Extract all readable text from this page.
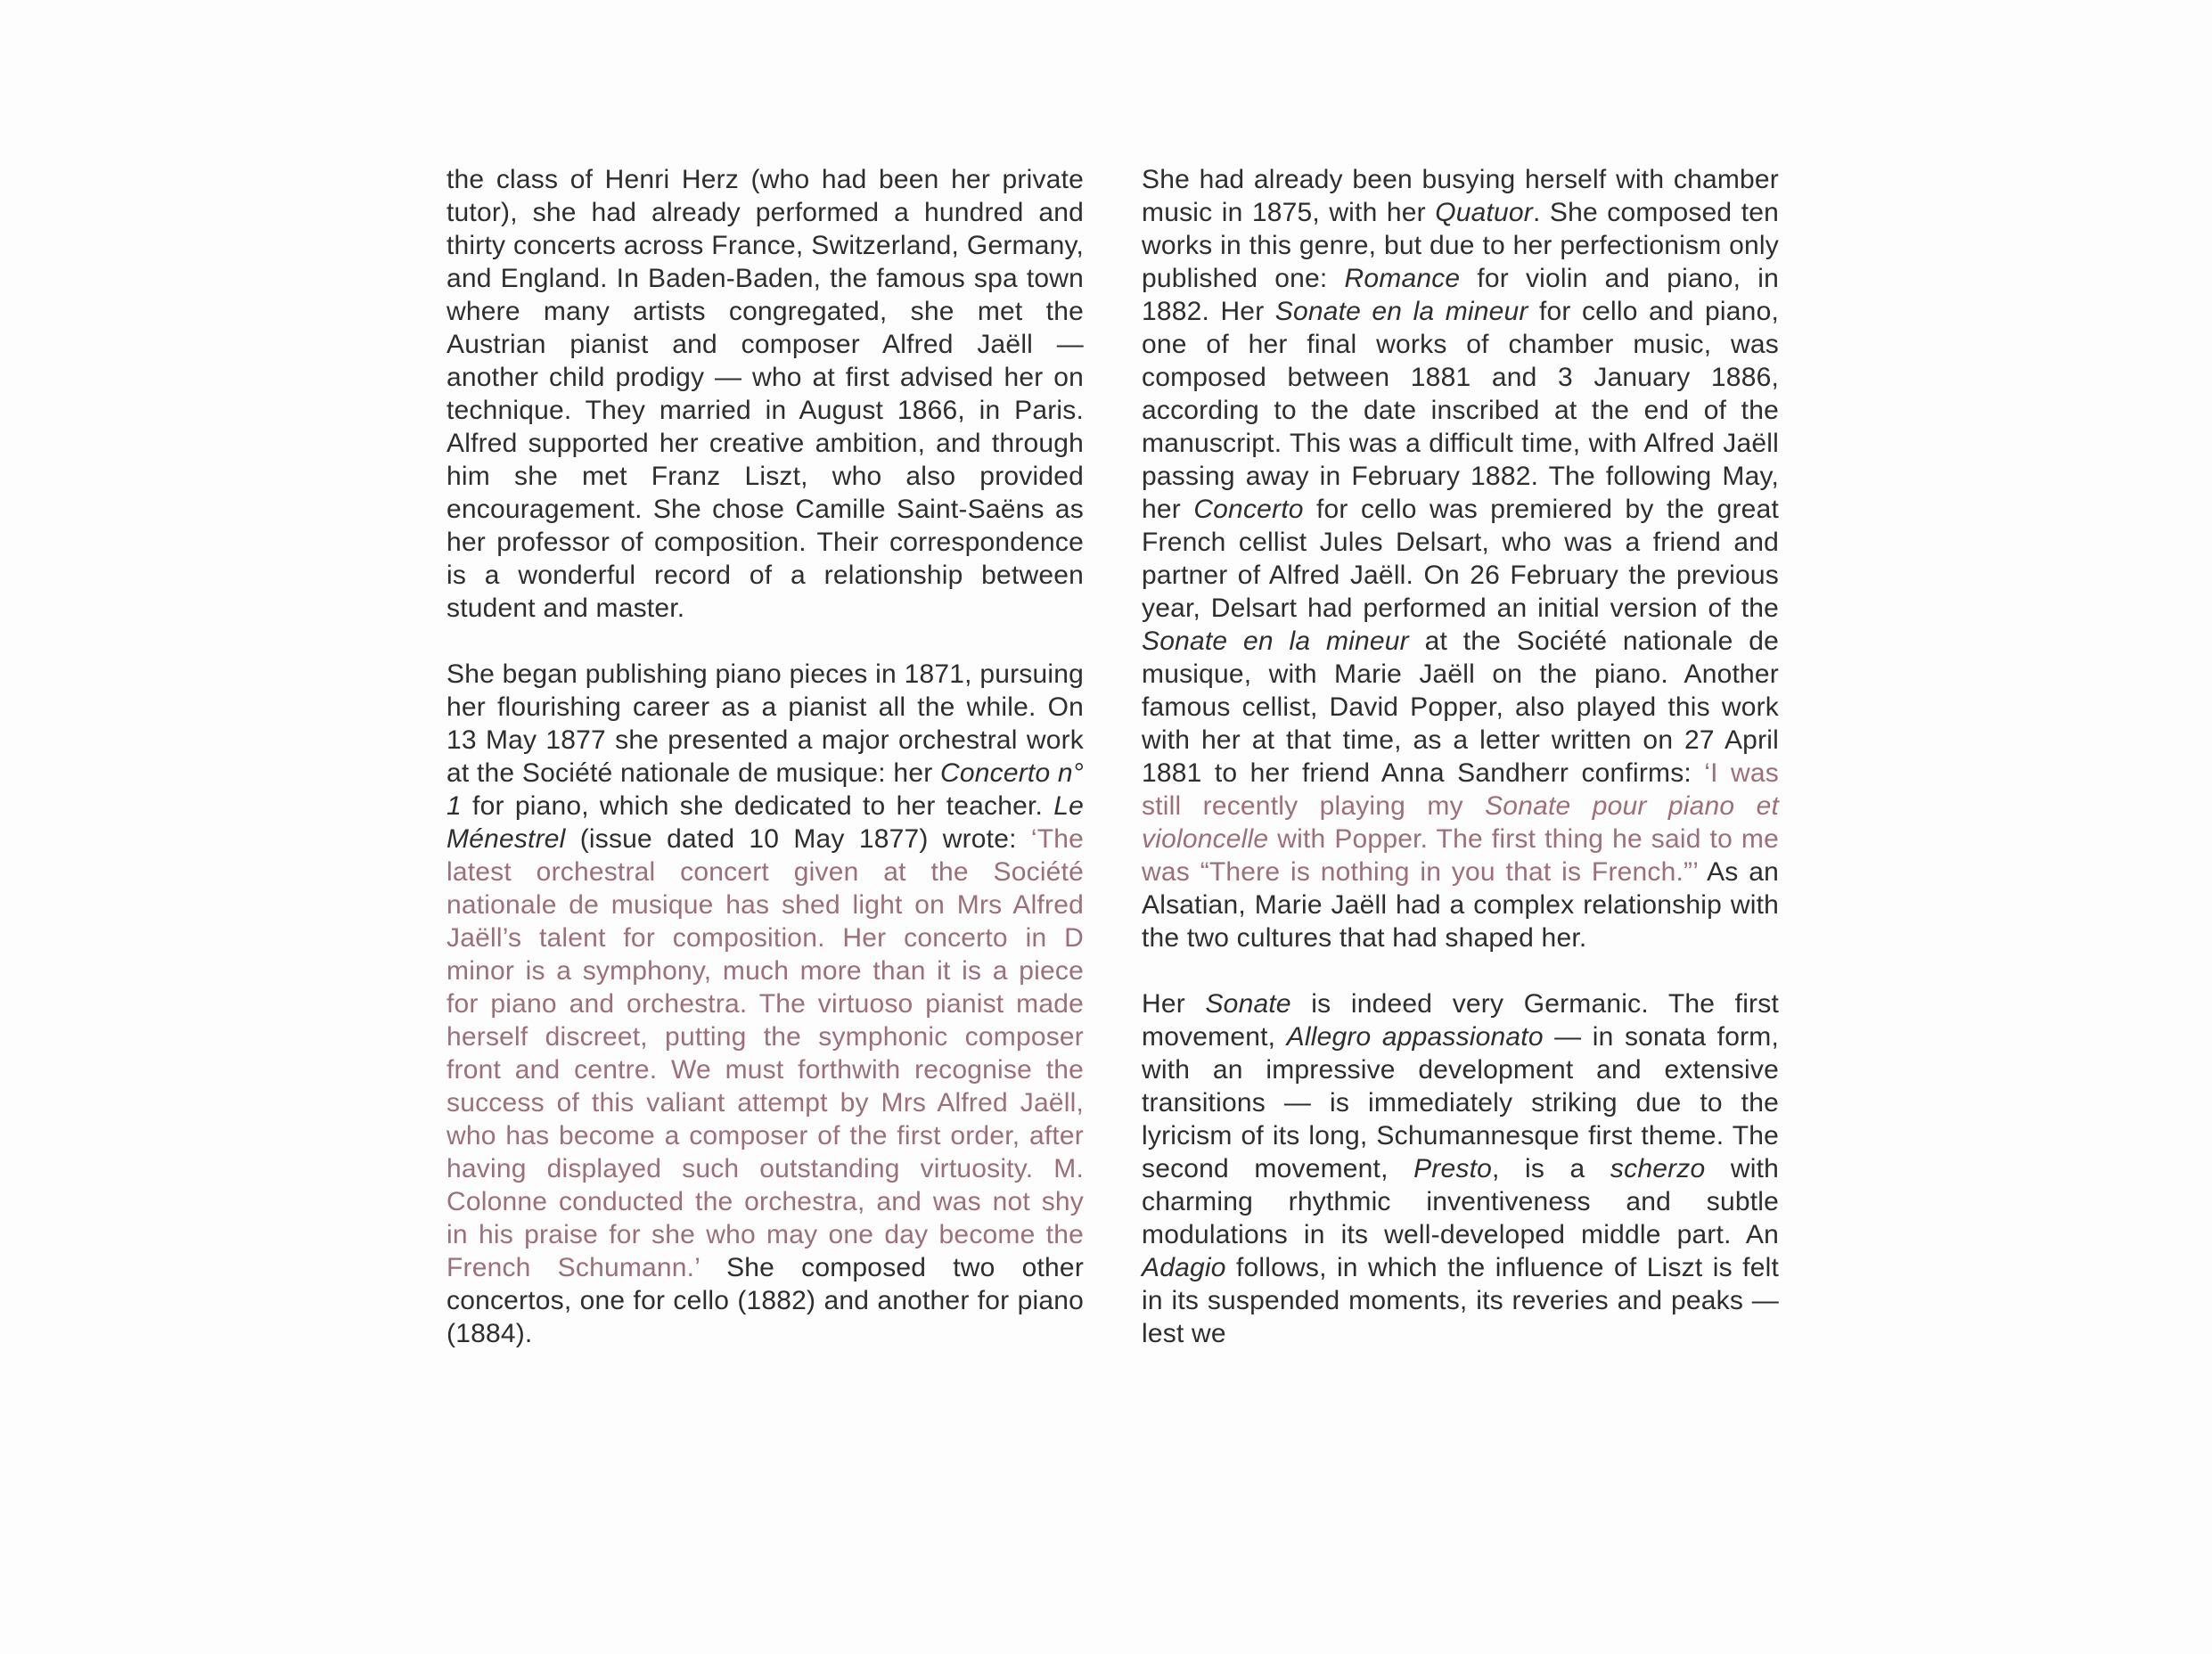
the class of Henri Herz (who had been her private tutor), she had already performed a hundred and thirty concerts across France, Switzerland, Germany, and England. In Baden-Baden, the famous spa town where many artists congregated, she met the Austrian pianist and composer Alfred Jaëll — another child prodigy — who at first advised her on technique. They married in August 1866, in Paris. Alfred supported her creative ambition, and through him she met Franz Liszt, who also provided encouragement. She chose Camille Saint-Saëns as her professor of composition. Their correspondence is a wonderful record of a relationship between student and master.

She began publishing piano pieces in 1871, pursuing her flourishing career as a pianist all the while. On 13 May 1877 she presented a major orchestral work at the Société nationale de musique: her Concerto n° 1 for piano, which she dedicated to her teacher. Le Ménestrel (issue dated 10 May 1877) wrote: ‘The latest orchestral concert given at the Société nationale de musique has shed light on Mrs Alfred Jaëll’s talent for composition. Her concerto in D minor is a symphony, much more than it is a piece for piano and orchestra. The virtuoso pianist made herself discreet, putting the symphonic composer front and centre. We must forthwith recognise the success of this valiant attempt by Mrs Alfred Jaëll, who has become a composer of the first order, after having displayed such outstanding virtuosity. M. Colonne conducted the orchestra, and was not shy in his praise for she who may one day become the French Schumann.’ She composed two other concertos, one for cello (1882) and another for piano (1884).

She had already been busying herself with chamber music in 1875, with her Quatuor. She composed ten works in this genre, but due to her perfectionism only published one: Romance for violin and piano, in 1882. Her Sonate en la mineur for cello and piano, one of her final works of chamber music, was composed between 1881 and 3 January 1886, according to the date inscribed at the end of the manuscript. This was a difficult time, with Alfred Jaëll passing away in February 1882. The following May, her Concerto for cello was premiered by the great French cellist Jules Delsart, who was a friend and partner of Alfred Jaëll. On 26 February the previous year, Delsart had performed an initial version of the Sonate en la mineur at the Société nationale de musique, with Marie Jaëll on the piano. Another famous cellist, David Popper, also played this work with her at that time, as a letter written on 27 April 1881 to her friend Anna Sandherr confirms: ‘I was still recently playing my Sonate pour piano et violoncelle with Popper. The first thing he said to me was “There is nothing in you that is French.”’ As an Alsatian, Marie Jaëll had a complex relationship with the two cultures that had shaped her.

Her Sonate is indeed very Germanic. The first movement, Allegro appassionato — in sonata form, with an impressive development and extensive transitions — is immediately striking due to the lyricism of its long, Schumannesque first theme. The second movement, Presto, is a scherzo with charming rhythmic inventiveness and subtle modulations in its well-developed middle part. An Adagio follows, in which the influence of Liszt is felt in its suspended moments, its reveries and peaks — lest we
